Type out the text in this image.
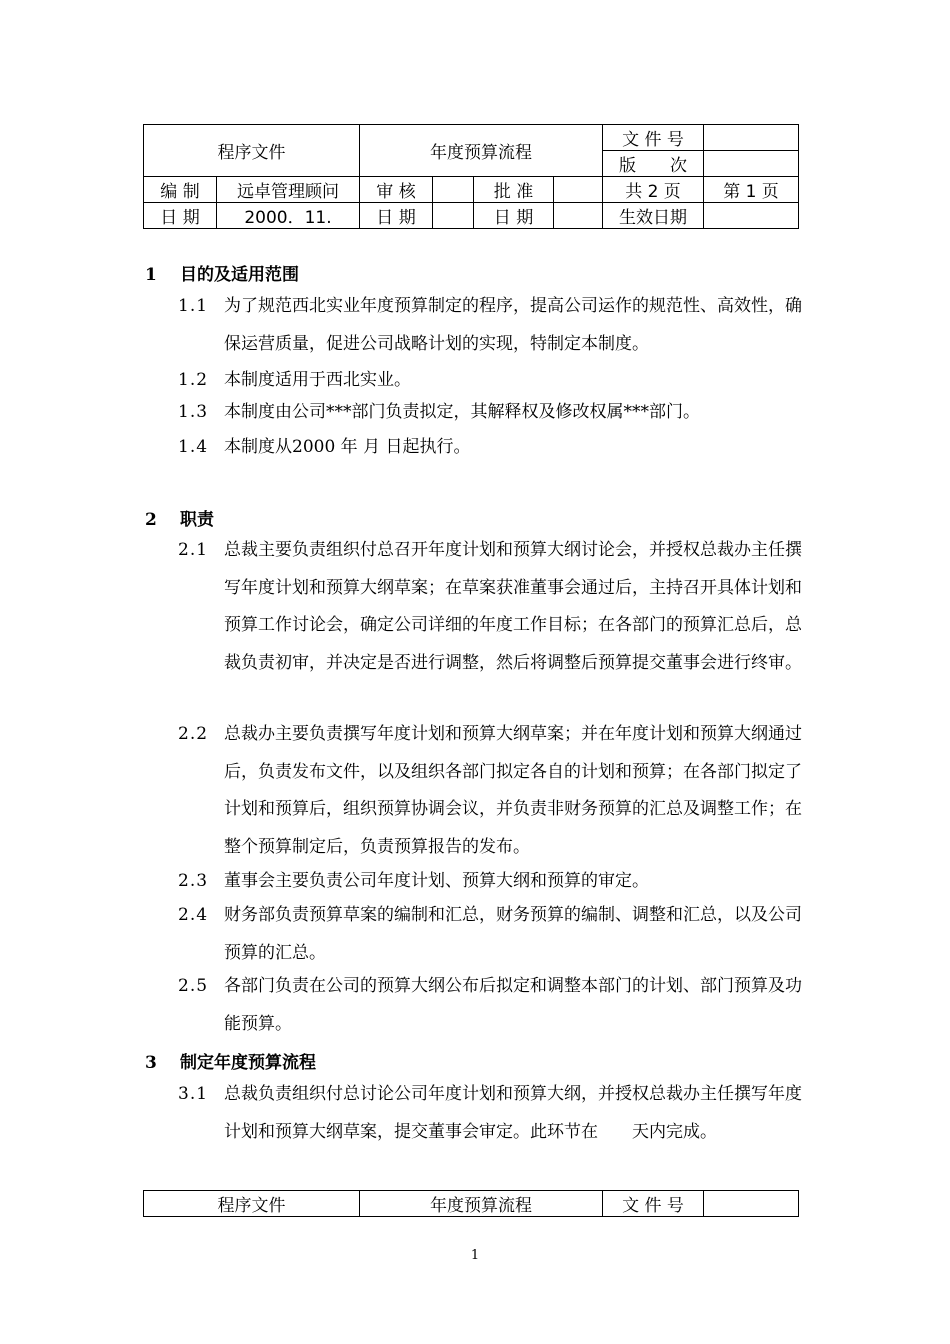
程序文件		年度预算流程				文 件 号	
						版　　次	
编 制	远卓管理顾问	审 核		批 准		共 2 页	第 1 页
日 期	2000．11.	日 期		日 期		生效日期	
1 目的及适用范围
1.1 为了规范西北实业年度预算制定的程序，提高公司运作的规范性、高效性，确保运营质量，促进公司战略计划的实现，特制定本制度。
1.2 本制度适用于西北实业。
1.3 本制度由公司***部门负责拟定，其解释权及修改权属***部门。
1.4 本制度从2000 年 月 日起执行。
2 职责
2.1 总裁主要负责组织付总召开年度计划和预算大纲讨论会，并授权总裁办主任撰写年度计划和预算大纲草案；在草案获准董事会通过后，主持召开具体计划和预算工作讨论会，确定公司详细的年度工作目标；在各部门的预算汇总后，总裁负责初审，并决定是否进行调整，然后将调整后预算提交董事会进行终审。
2.2 总裁办主要负责撰写年度计划和预算大纲草案；并在年度计划和预算大纲通过后，负责发布文件，以及组织各部门拟定各自的计划和预算；在各部门拟定了计划和预算后，组织预算协调会议，并负责非财务预算的汇总及调整工作；在整个预算制定后，负责预算报告的发布。
2.3 董事会主要负责公司年度计划、预算大纲和预算的审定。
2.4 财务部负责预算草案的编制和汇总，财务预算的编制、调整和汇总，以及公司预算的汇总。
2.5 各部门负责在公司的预算大纲公布后拟定和调整本部门的计划、部门预算及功能预算。
3 制定年度预算流程
3.1 总裁负责组织付总讨论公司年度计划和预算大纲，并授权总裁办主任撰写年度计划和预算大纲草案，提交董事会审定。此环节在　　天内完成。
程序文件	年度预算流程	文 件 号	
1
